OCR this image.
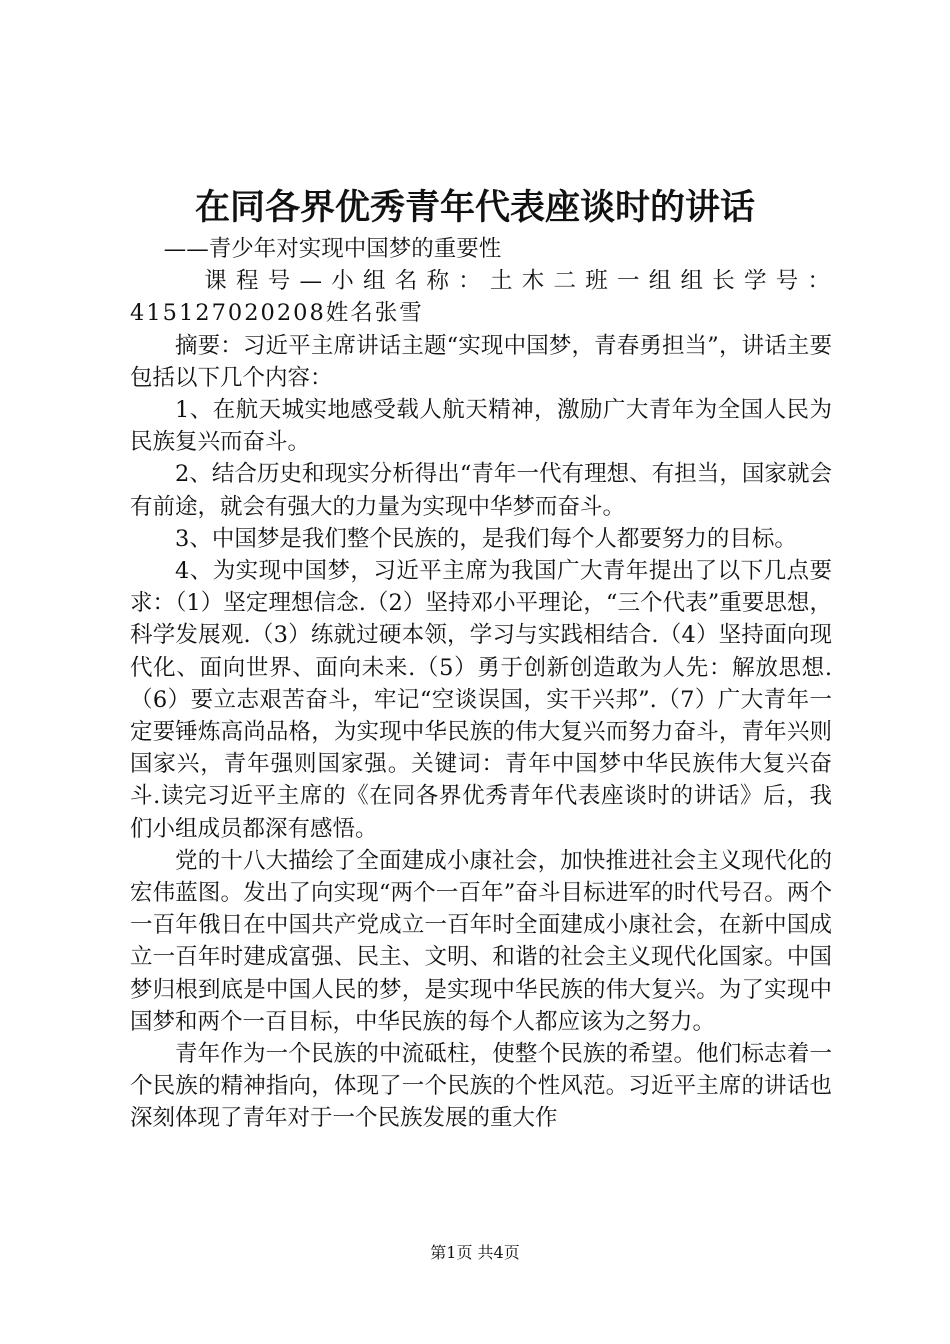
在同各界优秀青年代表座谈时的讲话

——青少年对实现中国梦的重要性

课程号—小组名称：土木二班一组组长学号：415127020208姓名张雪

摘要：习近平主席讲话主题“实现中国梦，青春勇担当”，讲话主要包括以下几个内容：

1、在航天城实地感受载人航天精神，激励广大青年为全国人民为民族复兴而奋斗。

2、结合历史和现实分析得出“青年一代有理想、有担当，国家就会有前途，就会有强大的力量为实现中华梦而奋斗。

3、中国梦是我们整个民族的，是我们每个人都要努力的目标。

4、为实现中国梦，习近平主席为我国广大青年提出了以下几点要求：（1）坚定理想信念.（2）坚持邓小平理论，“三个代表”重要思想，科学发展观.（3）练就过硬本领，学习与实践相结合.（4）坚持面向现代化、面向世界、面向未来.（5）勇于创新创造敢为人先：解放思想.（6）要立志艰苦奋斗，牢记“空谈误国，实干兴邦”.（7）广大青年一定要锤炼高尚品格，为实现中华民族的伟大复兴而努力奋斗，青年兴则国家兴，青年强则国家强。关键词：青年中国梦中华民族伟大复兴奋斗.读完习近平主席的《在同各界优秀青年代表座谈时的讲话》后，我们小组成员都深有感悟。

党的十八大描绘了全面建成小康社会，加快推进社会主义现代化的宏伟蓝图。发出了向实现“两个一百年”奋斗目标进军的时代号召。两个一百年俄日在中国共产党成立一百年时全面建成小康社会，在新中国成立一百年时建成富强、民主、文明、和谐的社会主义现代化国家。中国梦归根到底是中国人民的梦，是实现中华民族的伟大复兴。为了实现中国梦和两个一百目标，中华民族的每个人都应该为之努力。

青年作为一个民族的中流砥柱，使整个民族的希望。他们标志着一个民族的精神指向，体现了一个民族的个性风范。习近平主席的讲话也深刻体现了青年对于一个民族发展的重大作

第1页 共4页
